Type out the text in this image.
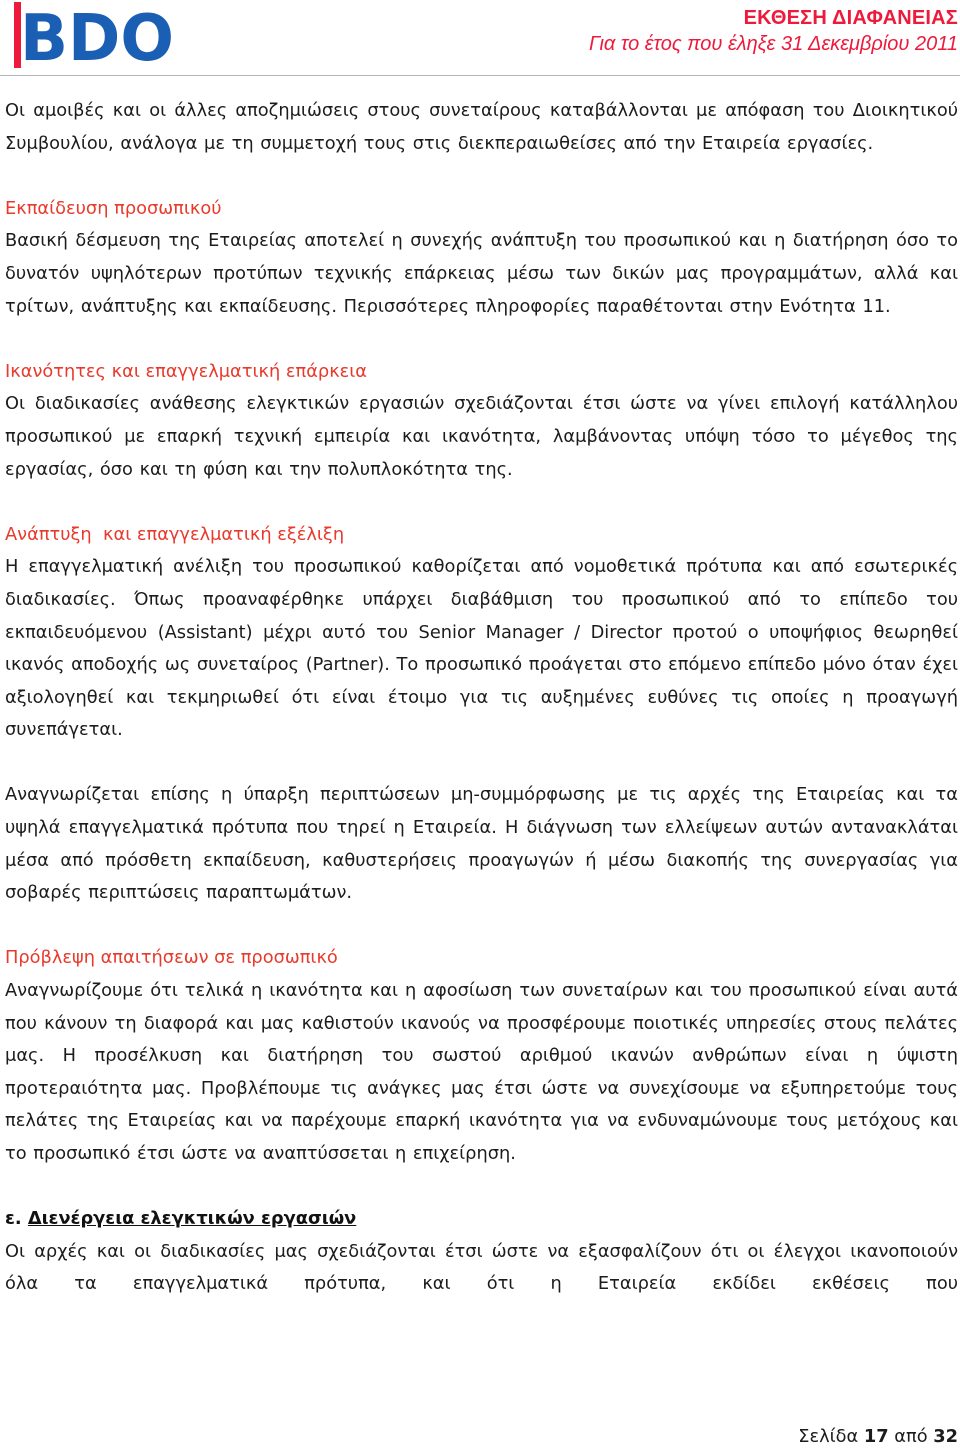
BDO	ΕΚΘΕΣΗ ΔΙΑΦΑΝΕΙΑΣ
Για το έτος που έληξε 31 Δεκεμβρίου 2011

Οι αμοιβές και οι άλλες αποζημιώσεις στους συνεταίρους καταβάλλονται με απόφαση του Διοικητικού Συμβουλίου, ανάλογα με τη συμμετοχή τους στις διεκπεραιωθείσες από την Εταιρεία εργασίες.

Εκπαίδευση προσωπικού

Βασική δέσμευση της Εταιρείας αποτελεί η συνεχής ανάπτυξη του προσωπικού και η διατήρηση όσο το δυνατόν υψηλότερων προτύπων τεχνικής επάρκειας μέσω των δικών μας προγραμμάτων, αλλά και τρίτων, ανάπτυξης και εκπαίδευσης. Περισσότερες πληροφορίες παραθέτονται στην Ενότητα 11.

Ικανότητες και επαγγελματική επάρκεια

Οι διαδικασίες ανάθεσης ελεγκτικών εργασιών σχεδιάζονται έτσι ώστε να γίνει επιλογή κατάλληλου προσωπικού με επαρκή τεχνική εμπειρία και ικανότητα, λαμβάνοντας υπόψη τόσο το μέγεθος της εργασίας, όσο και τη φύση και την πολυπλοκότητα της.

Ανάπτυξη  και επαγγελματική εξέλιξη

Η επαγγελματική ανέλιξη του προσωπικού καθορίζεται από νομοθετικά πρότυπα και από εσωτερικές διαδικασίες. Όπως προαναφέρθηκε υπάρχει διαβάθμιση του προσωπικού από το επίπεδο του εκπαιδευόμενου (Assistant) μέχρι αυτό του Senior Manager / Director προτού ο υποψήφιος θεωρηθεί ικανός αποδοχής ως συνεταίρος (Partner). Το προσωπικό προάγεται στο επόμενο επίπεδο μόνο όταν έχει αξιολογηθεί και τεκμηριωθεί ότι είναι έτοιμο για τις αυξημένες ευθύνες τις οποίες η προαγωγή συνεπάγεται.

Αναγνωρίζεται επίσης η ύπαρξη περιπτώσεων μη-συμμόρφωσης με τις αρχές της Εταιρείας και τα υψηλά επαγγελματικά πρότυπα που τηρεί η Εταιρεία. Η διάγνωση των ελλείψεων αυτών αντανακλάται μέσα από πρόσθετη εκπαίδευση, καθυστερήσεις προαγωγών ή μέσω διακοπής της συνεργασίας για σοβαρές περιπτώσεις παραπτωμάτων.

Πρόβλεψη απαιτήσεων σε προσωπικό

Αναγνωρίζουμε ότι τελικά η ικανότητα και η αφοσίωση των συνεταίρων και του προσωπικού είναι αυτά που κάνουν τη διαφορά και μας καθιστούν ικανούς να προσφέρουμε ποιοτικές υπηρεσίες στους πελάτες μας. Η προσέλκυση και διατήρηση του σωστού αριθμού ικανών ανθρώπων είναι η ύψιστη προτεραιότητα μας. Προβλέπουμε τις ανάγκες μας έτσι ώστε να συνεχίσουμε να εξυπηρετούμε τους πελάτες της Εταιρείας και να παρέχουμε επαρκή ικανότητα για να ενδυναμώνουμε τους μετόχους και το προσωπικό έτσι ώστε να αναπτύσσεται η επιχείρηση.

ε. Διενέργεια ελεγκτικών εργασιών

Οι αρχές και οι διαδικασίες μας σχεδιάζονται έτσι ώστε να εξασφαλίζουν ότι οι έλεγχοι ικανοποιούν όλα τα επαγγελματικά πρότυπα, και ότι η Εταιρεία εκδίδει εκθέσεις που

Σελίδα 17 από 32
